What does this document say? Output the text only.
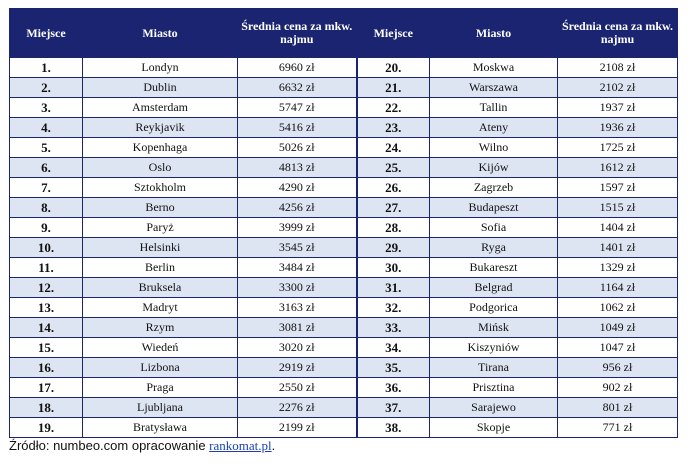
Miejsce	Miasto	Średnia cena za mkw. najmu	Miejsce	Miasto	Średnia cena za mkw. najmu
1.	Londyn	6960 zł	20.	Moskwa	2108 zł
2.	Dublin	6632 zł	21.	Warszawa	2102 zł
3.	Amsterdam	5747 zł	22.	Tallin	1937 zł
4.	Reykjavik	5416 zł	23.	Ateny	1936 zł
5.	Kopenhaga	5026 zł	24.	Wilno	1725 zł
6.	Oslo	4813 zł	25.	Kijów	1612 zł
7.	Sztokholm	4290 zł	26.	Zagrzeb	1597 zł
8.	Berno	4256 zł	27.	Budapeszt	1515 zł
9.	Paryż	3999 zł	28.	Sofia	1404 zł
10.	Helsinki	3545 zł	29.	Ryga	1401 zł
11.	Berlin	3484 zł	30.	Bukareszt	1329 zł
12.	Bruksela	3300 zł	31.	Belgrad	1164 zł
13.	Madryt	3163 zł	32.	Podgorica	1062 zł
14.	Rzym	3081 zł	33.	Mińsk	1049 zł
15.	Wiedeń	3020 zł	34.	Kiszyniów	1047 zł
16.	Lizbona	2919 zł	35.	Tirana	956 zł
17.	Praga	2550 zł	36.	Prisztina	902 zł
18.	Ljubljana	2276 zł	37.	Sarajewo	801 zł
19.	Bratysława	2199 zł	38.	Skopje	771 zł
Źródło: numbeo.com opracowanie rankomat.pl.
